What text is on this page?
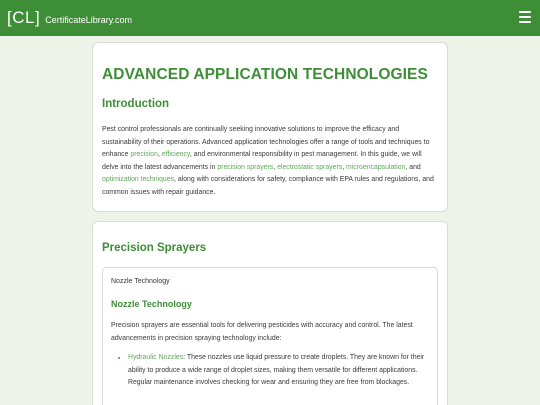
[CL] CertificateLibrary.com
ADVANCED APPLICATION TECHNOLOGIES
Introduction

Pest control professionals are continually seeking innovative solutions to improve the efficacy and sustainability of their operations. Advanced application technologies offer a range of tools and techniques to enhance precision, efficiency, and environmental responsibility in pest management. In this guide, we will delve into the latest advancements in precision sprayers, electrostatic sprayers, microencapsulation, and optimization techniques, along with considerations for safety, compliance with EPA rules and regulations, and common issues with repair guidance.

Precision Sprayers
Nozzle Technology
Nozzle Technology

Precision sprayers are essential tools for delivering pesticides with accuracy and control. The latest advancements in precision spraying technology include:

• Hydraulic Nozzles: These nozzles use liquid pressure to create droplets. They are known for their ability to produce a wide range of droplet sizes, making them versatile for different applications. Regular maintenance involves checking for wear and ensuring they are free from blockages.
